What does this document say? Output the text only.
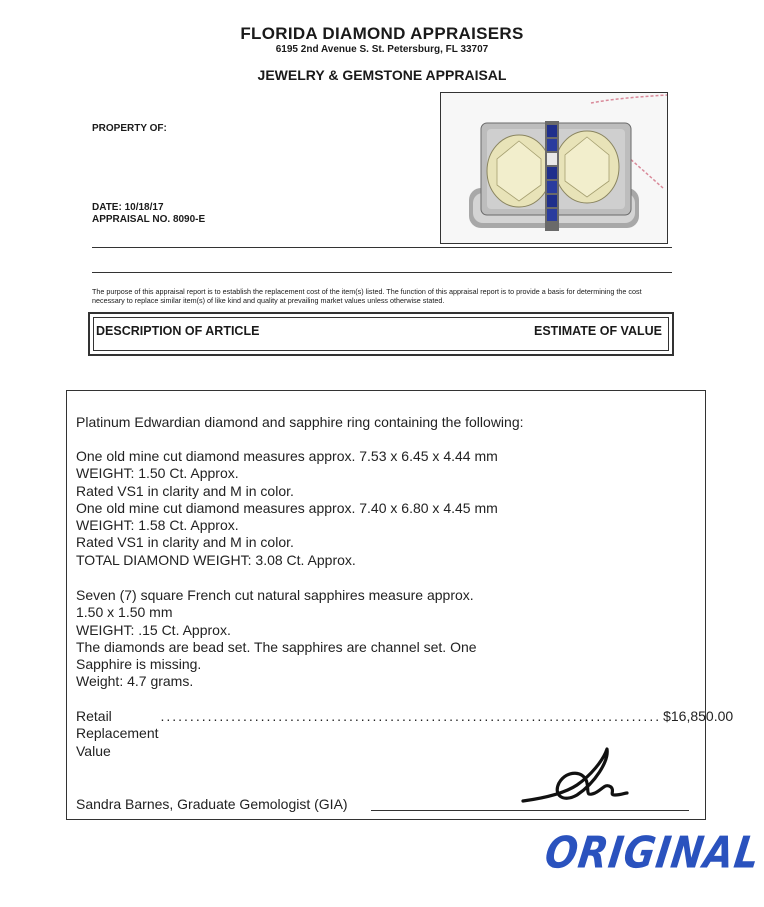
FLORIDA DIAMOND APPRAISERS
6195 2nd Avenue S. St. Petersburg, FL 33707
JEWELRY & GEMSTONE APPRAISAL
PROPERTY OF:
DATE: 10/18/17
APPRAISAL NO. 8090-E
The purpose of this appraisal report is to establish the replacement cost of the item(s) listed. The function of this appraisal report is to provide a basis for determining the cost necessary to replace similar item(s) of like kind and quality at prevailing market values unless otherwise stated.
DESCRIPTION OF ARTICLE	ESTIMATE OF VALUE
Platinum Edwardian diamond and sapphire ring containing the following:
One old mine cut diamond measures approx. 7.53 x 6.45 x 4.44 mm
WEIGHT: 1.50 Ct. Approx.
Rated VS1 in clarity and M in color.
One old mine cut diamond measures approx. 7.40 x 6.80 x 4.45 mm
WEIGHT: 1.58 Ct. Approx.
Rated VS1 in clarity and M in color.
TOTAL DIAMOND WEIGHT: 3.08 Ct. Approx.
Seven (7) square French cut natural sapphires measure approx.
1.50 x 1.50 mm
WEIGHT: .15 Ct. Approx.
The diamonds are bead set. The sapphires are channel set. One
Sapphire is missing.
Weight: 4.7 grams.
Retail Replacement Value
..................................................................................... $16,850.00
Sandra Barnes, Graduate Gemologist (GIA)
ORIGINAL
